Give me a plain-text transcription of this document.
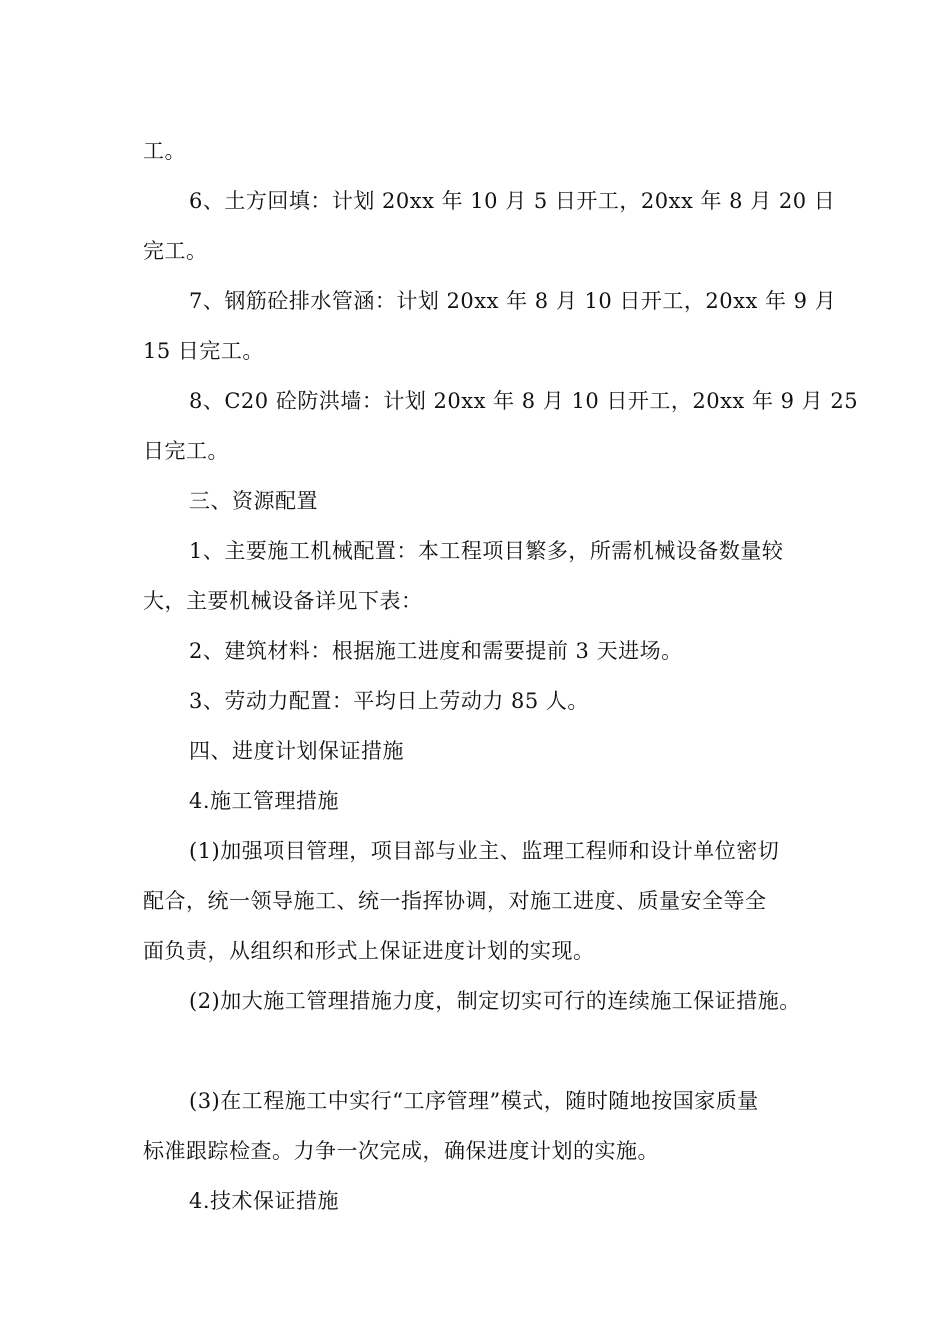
工。
6、土方回填：计划 20xx 年 10 月 5 日开工，20xx 年 8 月 20 日
完工。
7、钢筋砼排水管涵：计划 20xx 年 8 月 10 日开工，20xx 年 9 月
15 日完工。
8、C20 砼防洪墙：计划 20xx 年 8 月 10 日开工，20xx 年 9 月 25
日完工。
三、资源配置
1、主要施工机械配置：本工程项目繁多，所需机械设备数量较
大，主要机械设备详见下表：
2、建筑材料：根据施工进度和需要提前 3 天进场。
3、劳动力配置：平均日上劳动力 85 人。
四、进度计划保证措施
4.施工管理措施
(1)加强项目管理，项目部与业主、监理工程师和设计单位密切
配合，统一领导施工、统一指挥协调，对施工进度、质量安全等全
面负责，从组织和形式上保证进度计划的实现。
(2)加大施工管理措施力度，制定切实可行的连续施工保证措施。
(3)在工程施工中实行“工序管理”模式，随时随地按国家质量
标准跟踪检查。力争一次完成，确保进度计划的实施。
4.技术保证措施
